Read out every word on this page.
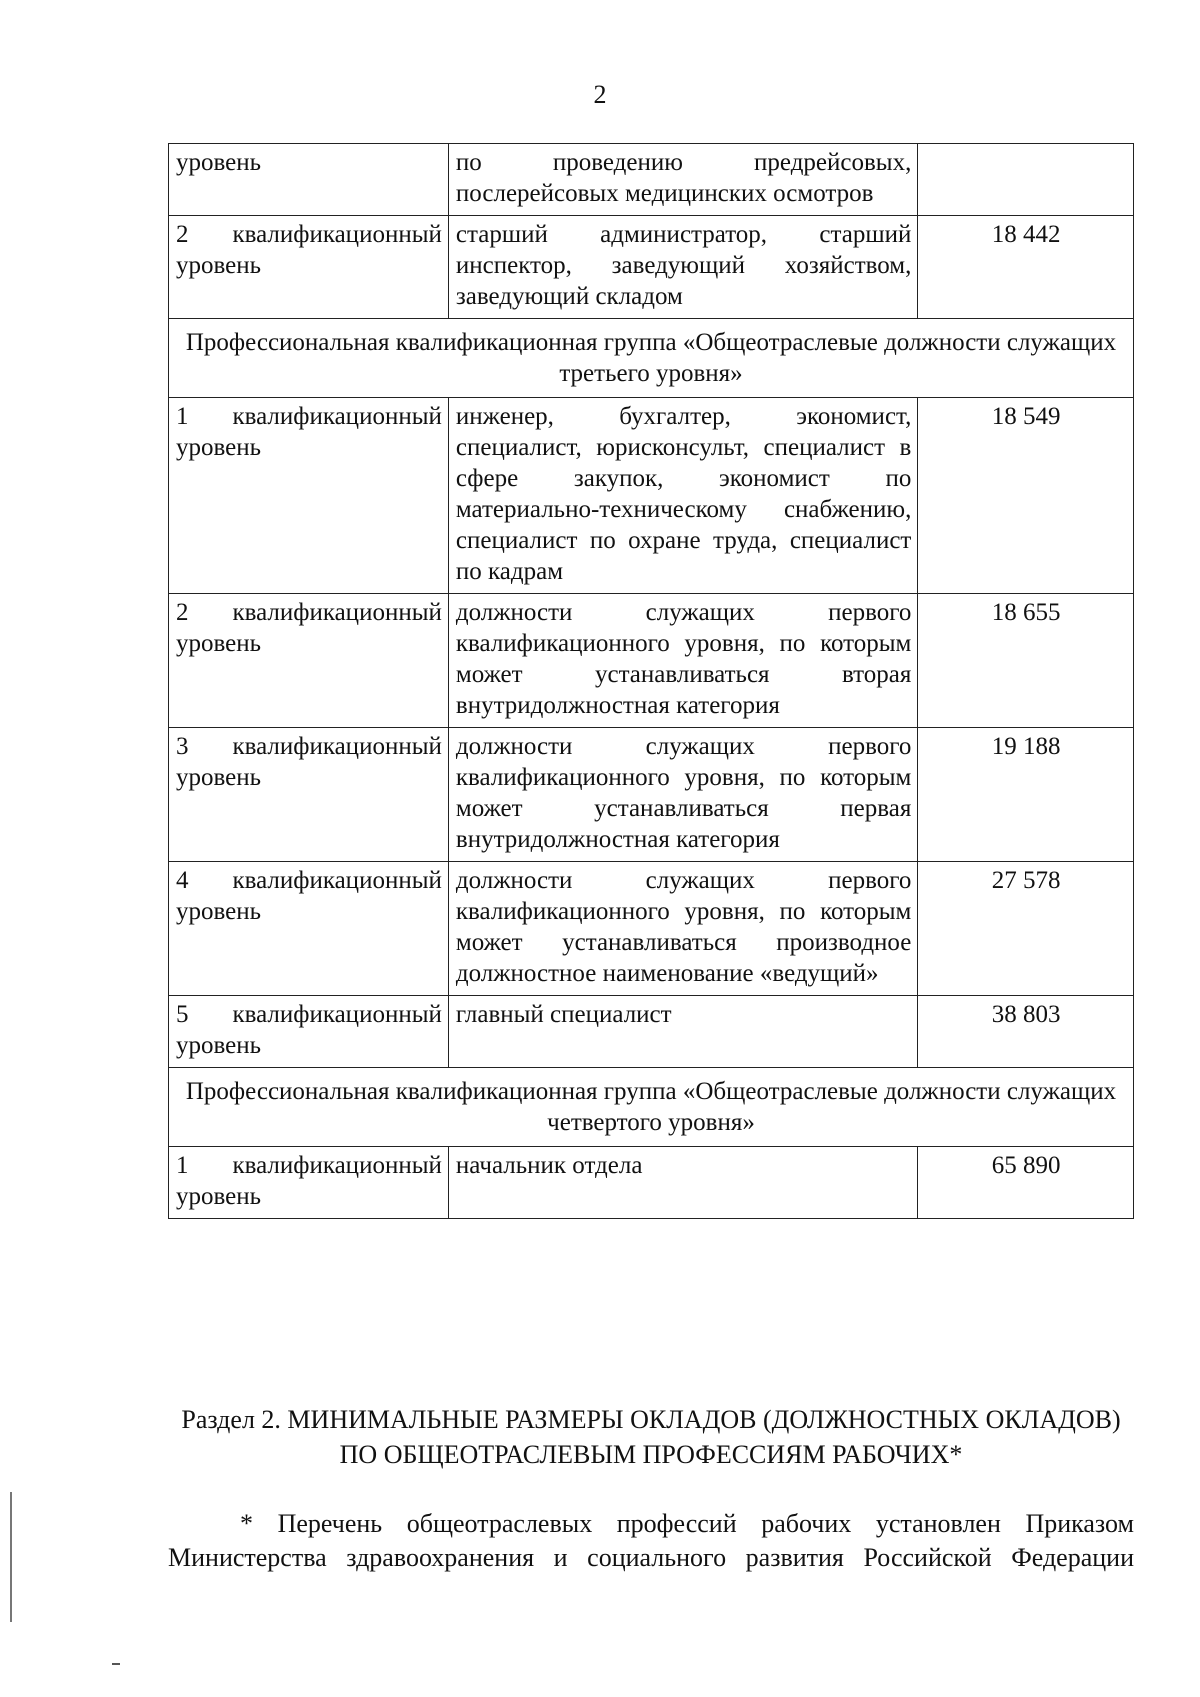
2
уровень	по проведению предрейсовых, послерейсовых медицинских осмотров	

2 квалификационный
уровень	старший администратор, старший инспектор, заведующий хозяйством, заведующий складом	18 442
Профессиональная квалификационная группа «Общеотраслевые должности служащих третьего уровня»		

1 квалификационный
уровень	инженер, бухгалтер, экономист, специалист, юрисконсульт, специалист в сфере закупок, экономист по материально-техническому снабжению, специалист по охране труда, специалист по кадрам	18 549

2 квалификационный
уровень	должности служащих первого квалификационного уровня, по которым может устанавливаться вторая внутридолжностная категория	18 655

3 квалификационный
уровень	должности служащих первого квалификационного уровня, по которым может устанавливаться первая внутридолжностная категория	19 188

4 квалификационный
уровень	должности служащих первого квалификационного уровня, по которым может устанавливаться производное должностное наименование «ведущий»	27 578

5 квалификационный
уровень	главный специалист	38 803
Профессиональная квалификационная группа «Общеотраслевые должности служащих четвертого уровня»		

1 квалификационный
уровень	начальник отдела	65 890
Раздел 2. МИНИМАЛЬНЫЕ РАЗМЕРЫ ОКЛАДОВ (ДОЛЖНОСТНЫХ ОКЛАДОВ) ПО ОБЩЕОТРАСЛЕВЫМ ПРОФЕССИЯМ РАБОЧИХ*
* Перечень общеотраслевых профессий рабочих установлен Приказом
Министерства здравоохранения и социального развития Российской Федерации
